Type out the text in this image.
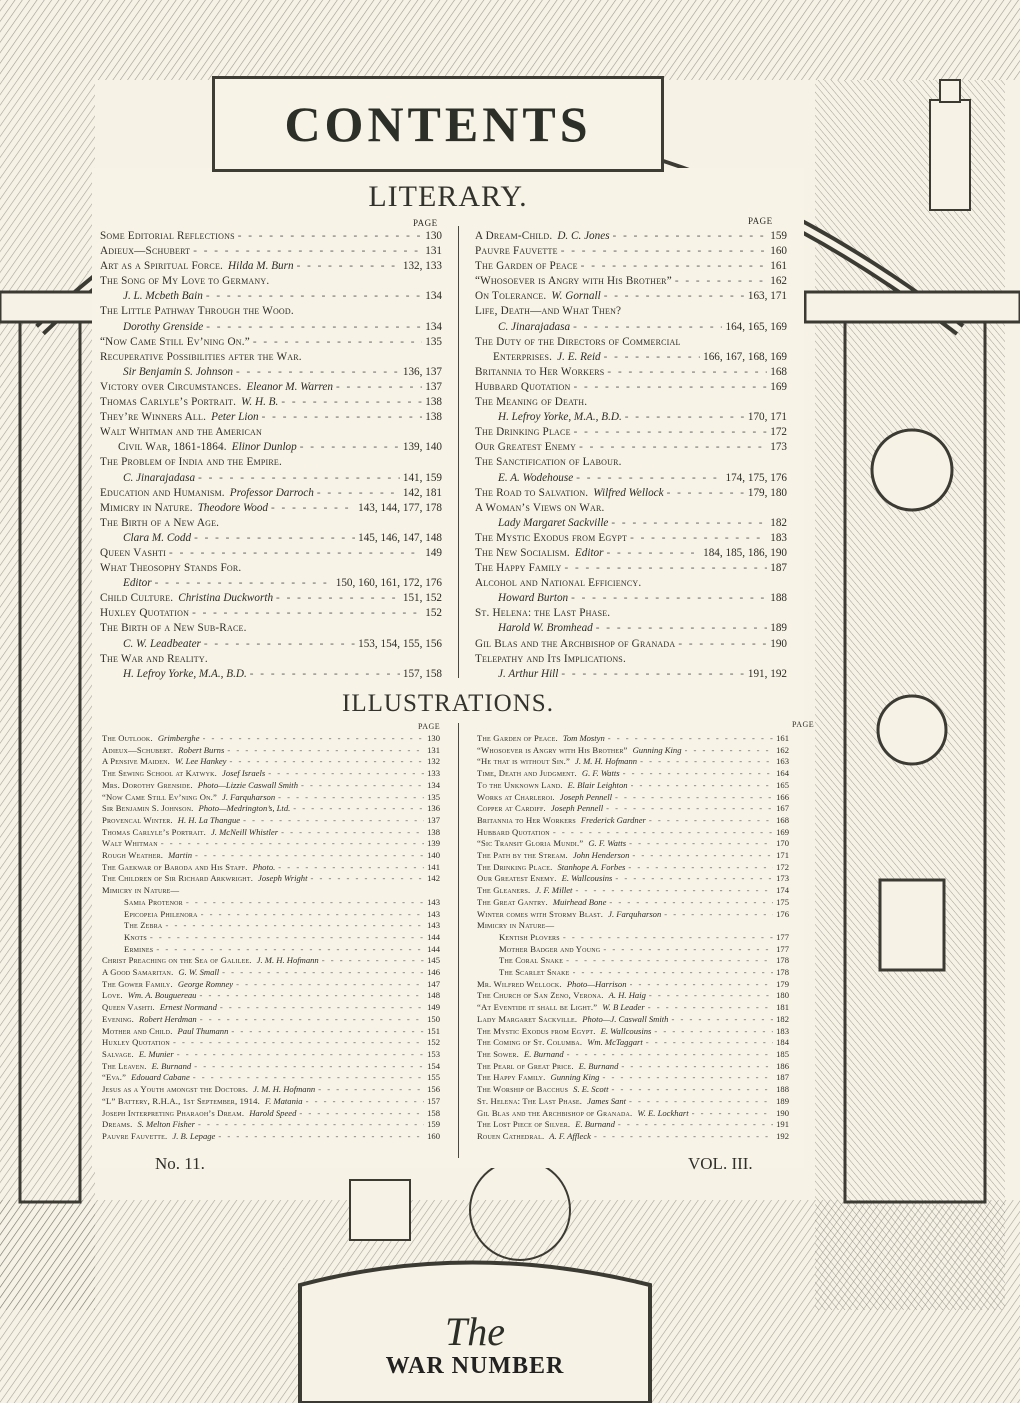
CONTENTS
LITERARY.
PAGE	PAGE
Some Editorial Reflections - - -	130
Adieux—Schubert - - -	131
Art as a Spiritual Force. Hilda M. Burn - - -	132, 133
The Song of My Love to Germany.
J. L. Mcbeth Bain - - -	134
The Little Pathway Through the Wood.
Dorothy Grenside - - -	134
“Now Came Still Ev’ning On.” - - -	135
Recuperative Possibilities after the War.
Sir Benjamin S. Johnson - - -	136, 137
Victory over Circumstances. Eleanor M. Warren - - -	137
Thomas Carlyle’s Portrait. W. H. B. - - -	138
They’re Winners All. Peter Lion - - -	138
Walt Whitman and the American
Civil War, 1861-1864. Elinor Dunlop - - -	139, 140
The Problem of India and the Empire.
C. Jinarajadasa - - -	141, 159
Education and Humanism. Professor Darroch - - -	142, 181
Mimicry in Nature. Theodore Wood - - -	143, 144, 177, 178
The Birth of a New Age.
Clara M. Codd - - -	145, 146, 147, 148
Queen Vashti - - -	149
What Theosophy Stands For.
Editor - - -	150, 160, 161, 172, 176
Child Culture. Christina Duckworth - - -	151, 152
Huxley Quotation - - -	152
The Birth of a New Sub-Race.
C. W. Leadbeater - - -	153, 154, 155, 156
The War and Reality.
H. Lefroy Yorke, M.A., B.D. - - -	157, 158
A Dream-Child. D. C. Jones - - -	159
Pauvre Fauvette - - -	160
The Garden of Peace - - -	161
“Whosoever is Angry with His Brother” - - -	162
On Tolerance. W. Gornall - - -	163, 171
Life, Death—and What Then?
C. Jinarajadasa - - -	164, 165, 169
The Duty of the Directors of Commercial
Enterprises. J. E. Reid - - -	166, 167, 168, 169
Britannia to Her Workers - - -	168
Hubbard Quotation - - -	169
The Meaning of Death.
H. Lefroy Yorke, M.A., B.D. - - -	170, 171
The Drinking Place - - -	172
Our Greatest Enemy - - -	173
The Sanctification of Labour.
E. A. Wodehouse - - -	174, 175, 176
The Road to Salvation. Wilfred Wellock - - -	179, 180
A Woman’s Views on War.
Lady Margaret Sackville - - -	182
The Mystic Exodus from Egypt - - -	183
The New Socialism. Editor - - -	184, 185, 186, 190
The Happy Family - - -	187
Alcohol and National Efficiency.
Howard Burton - - -	188
St. Helena: the Last Phase.
Harold W. Bromhead - - -	189
Gil Blas and the Archbishop of Granada - - -	190
Telepathy and Its Implications.
J. Arthur Hill - - -	191, 192
ILLUSTRATIONS.
PAGE	PAGE
The Outlook. Grimberghe - - -	130
Adieux—Schubert. Robert Burns - - -	131
A Pensive Maiden. W. Lee Hankey - - -	132
The Sewing School at Katwyk. Josef Israels - - -	133
Mrs. Dorothy Grenside. Photo—Lizzie Caswall Smith - - -	134
“Now Came Still Ev’ning On.” J. Farquharson - - -	135
Sir Benjamin S. Johnson. Photo—Medrington’s, Ltd. - - -	136
Provencal Winter. H. H. La Thangue - - -	137
Thomas Carlyle’s Portrait. J. McNeill Whistler - - -	138
Walt Whitman - - -	139
Rough Weather. Martin - - -	140
The Gaekwar of Baroda and His Staff. Photo. - - -	141
The Children of Sir Richard Arkwright. Joseph Wright - - -	142
Mimicry in Nature—
Samia Protenor - - -	143
Epicopeia Philenora - - -	143
The Zebra - - -	143
Knots - - -	144
Ermines - - -	144
Christ Preaching on the Sea of Galilee. J. M. H. Hofmann - - -	145
A Good Samaritan. G. W. Small - - -	146
The Gower Family. George Romney - - -	147
Love. Wm. A. Bouguereau - - -	148
Queen Vashti. Ernest Normand - - -	149
Evening. Robert Herdman - - -	150
Mother and Child. Paul Thumann - - -	151
Huxley Quotation - - -	152
Salvage. E. Munier - - -	153
The Leaven. E. Burnand - - -	154
“Eva.” Edouard Cabane - - -	155
Jesus as a Youth amongst the Doctors. J. M. H. Hofmann - - -	156
“L” Battery, R.H.A., 1st September, 1914. F. Matania - - -	157
Joseph Interpreting Pharaoh’s Dream. Harold Speed - - -	158
Dreams. S. Melton Fisher - - -	159
Pauvre Fauvette. J. B. Lepage - - -	160
The Garden of Peace. Tom Mostyn - - -	161
“Whosoever is Angry with His Brother” Gunning King - - -	162
“He that is without Sin.” J. M. H. Hofmann - - -	163
Time, Death and Judgment. G. F. Watts - - -	164
To the Unknown Land. E. Blair Leighton - - -	165
Works at Charleroi. Joseph Pennell - - -	166
Copper at Cardiff. Joseph Pennell - - -	167
Britannia to Her Workers Frederick Gardner - - -	168
Hubbard Quotation - - -	169
“Sic Transit Gloria Mundi.” G. F. Watts - - -	170
The Path by the Stream. John Henderson - - -	171
The Drinking Place. Stanhope A. Forbes - - -	172
Our Greatest Enemy. E. Wallcousins - - -	173
The Gleaners. J. F. Millet - - -	174
The Great Gantry. Muirhead Bone - - -	175
Winter comes with Stormy Blast. J. Farquharson - - -	176
Mimicry in Nature—
Kentish Plovers - - -	177
Mother Badger and Young - - -	177
The Coral Snake - - -	178
The Scarlet Snake - - -	178
Mr. Wilfred Wellock. Photo—Harrison - - -	179
The Church of San Zeno, Verona. A. H. Haig - - -	180
“At Eventide it shall be Light.” W. B Leader - - -	181
Lady Margaret Sackville. Photo—J. Caswall Smith - - -	182
The Mystic Exodus from Egypt. E. Wallcousins - - -	183
The Coming of St. Columba. Wm. McTaggart - - -	184
The Sower. E. Burnand - - -	185
The Pearl of Great Price. E. Burnand - - -	186
The Happy Family. Gunning King - - -	187
The Worship of Bacchus S. E. Scott - - -	188
St. Helena: The Last Phase. James Sant - - -	189
Gil Blas and the Archbishop of Granada. W. E. Lockhart - - -	190
The Lost Piece of Silver. E. Burnand - - -	191
Rouen Cathedral. A. F. Affleck - - -	192
No. 11.	VOL. III.
The
WAR NUMBER
